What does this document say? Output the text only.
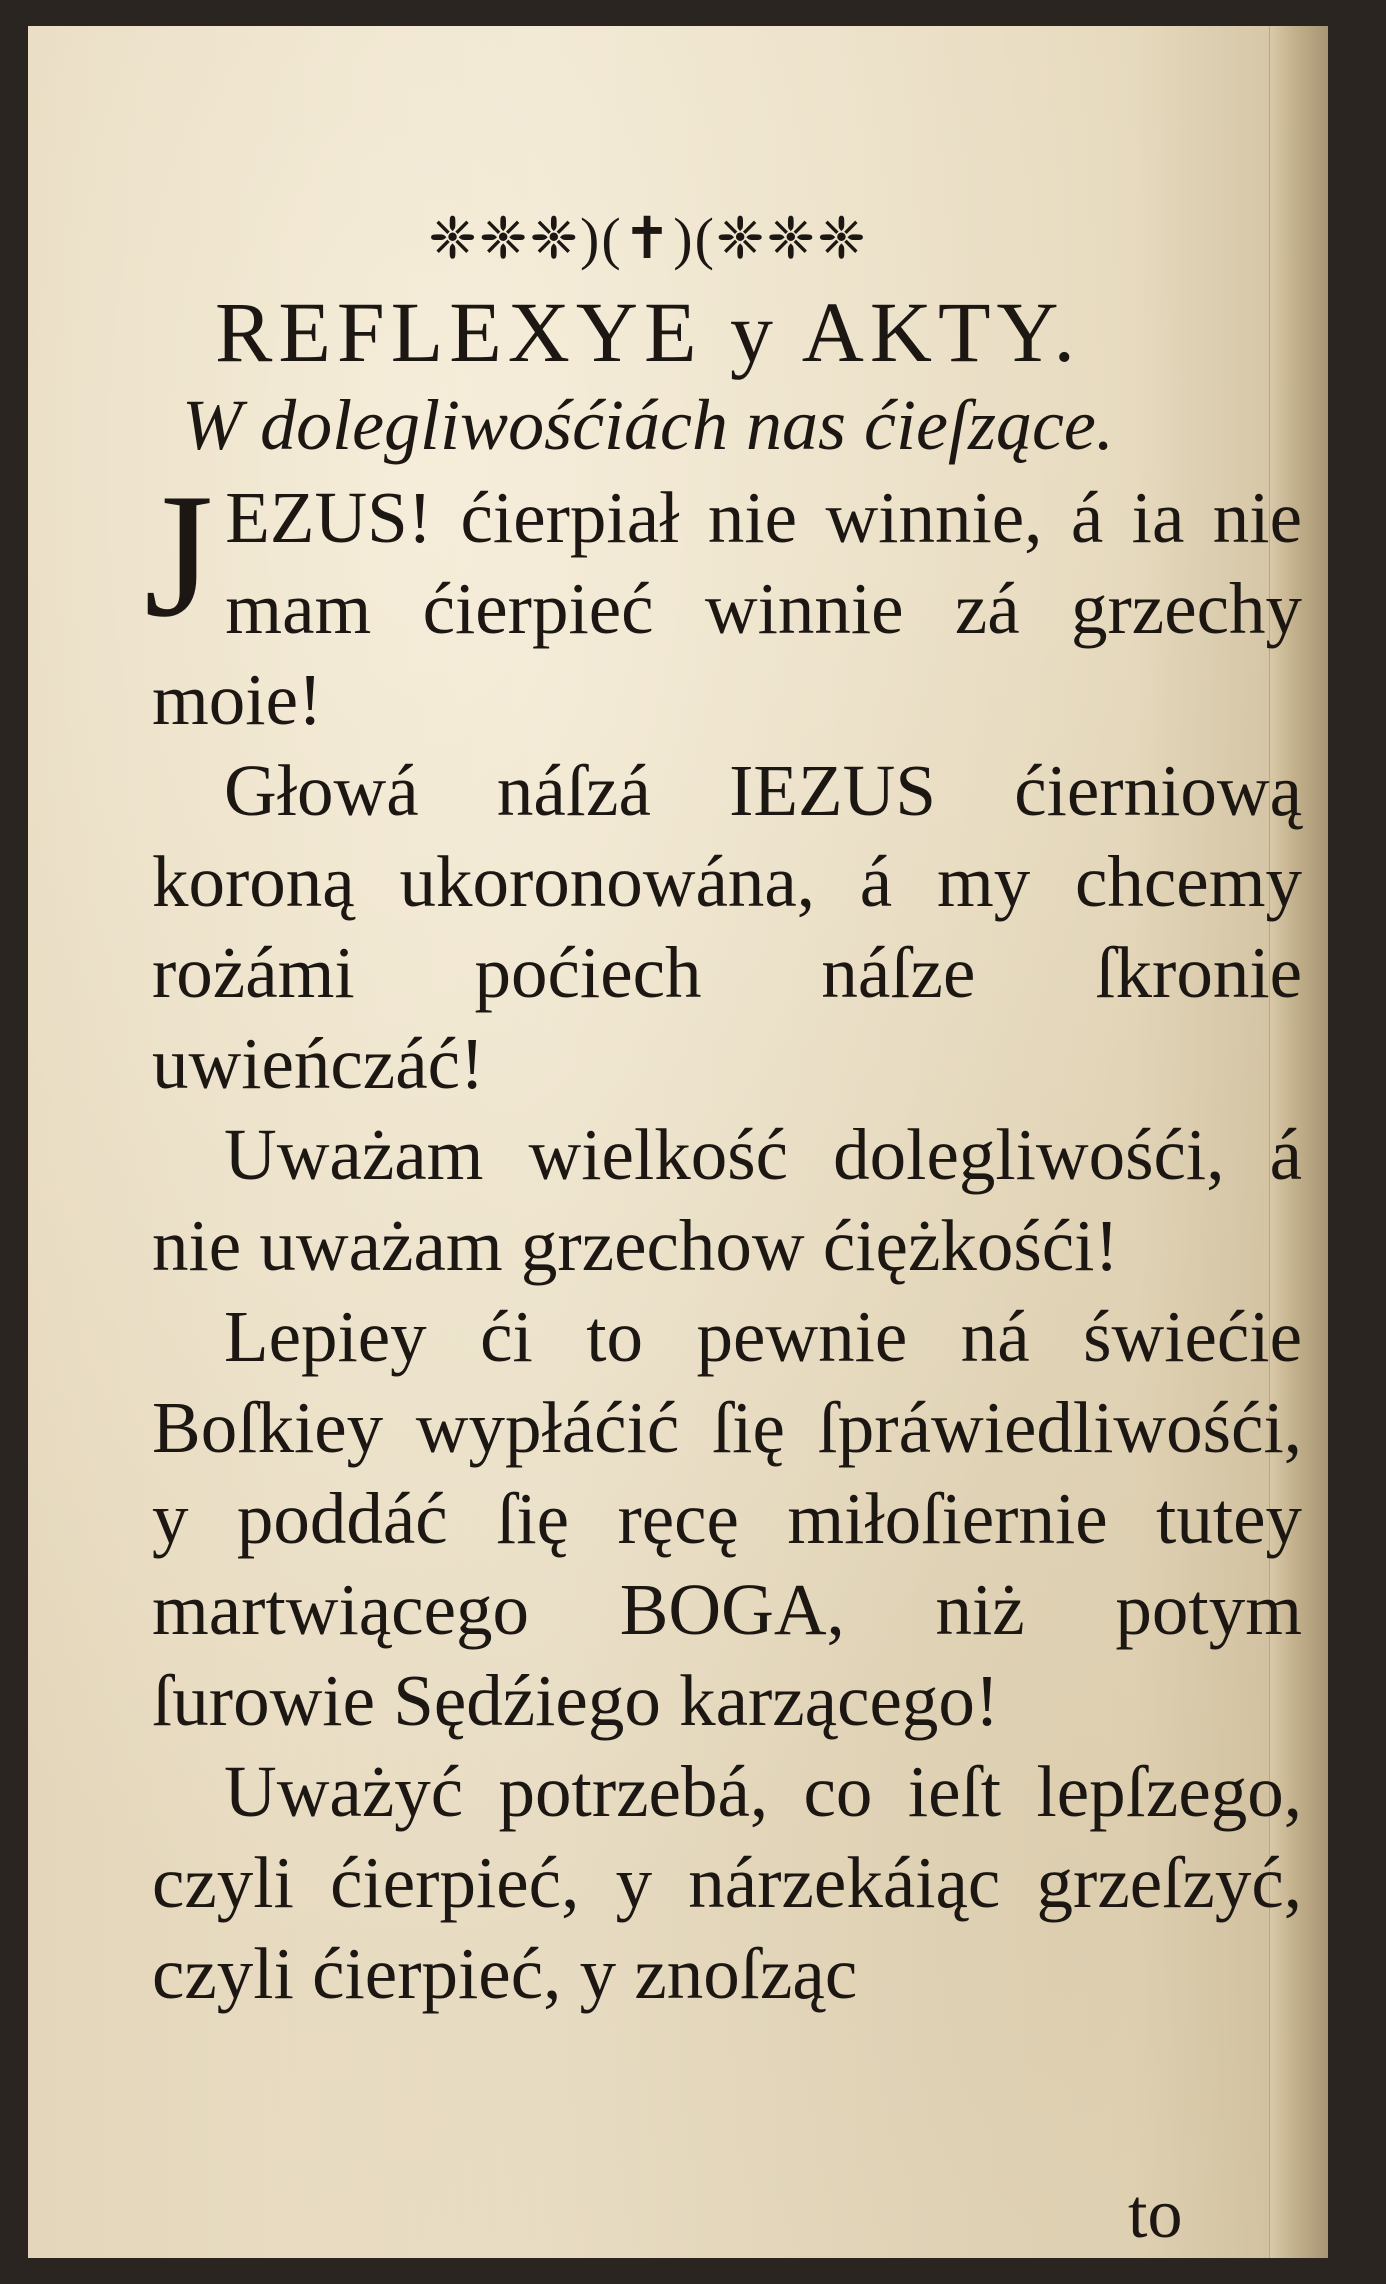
❈❈❈)(✝)(❈❈❈
REFLEXYE y AKTY.
W dolegliwośćiách nas ćieſzące.

JEZUS! ćierpiał nie winnie, á ia nie mam ćierpieć winnie zá grzechy moie!

Głowá náſzá IEZUS ćierniową koroną ukoronowána, á my chcemy rożámi poćiech náſze ſkronie uwieńczáć!

Uważam wielkość dolegliwośći, á nie uważam grzechow ćiężkośći!

Lepiey ći to pewnie ná świećie Boſkiey wypłáćić ſię ſpráwiedliwośći, y poddáć ſię ręcę miłoſiernie tutey martwiącego BOGA, niż potym ſurowie Sędźiego karzącego!

Uważyć potrzebá, co ieſt lepſzego, czyli ćierpieć, y nárzekáiąc grzeſzyć, czyli ćierpieć, y znoſząc

to
